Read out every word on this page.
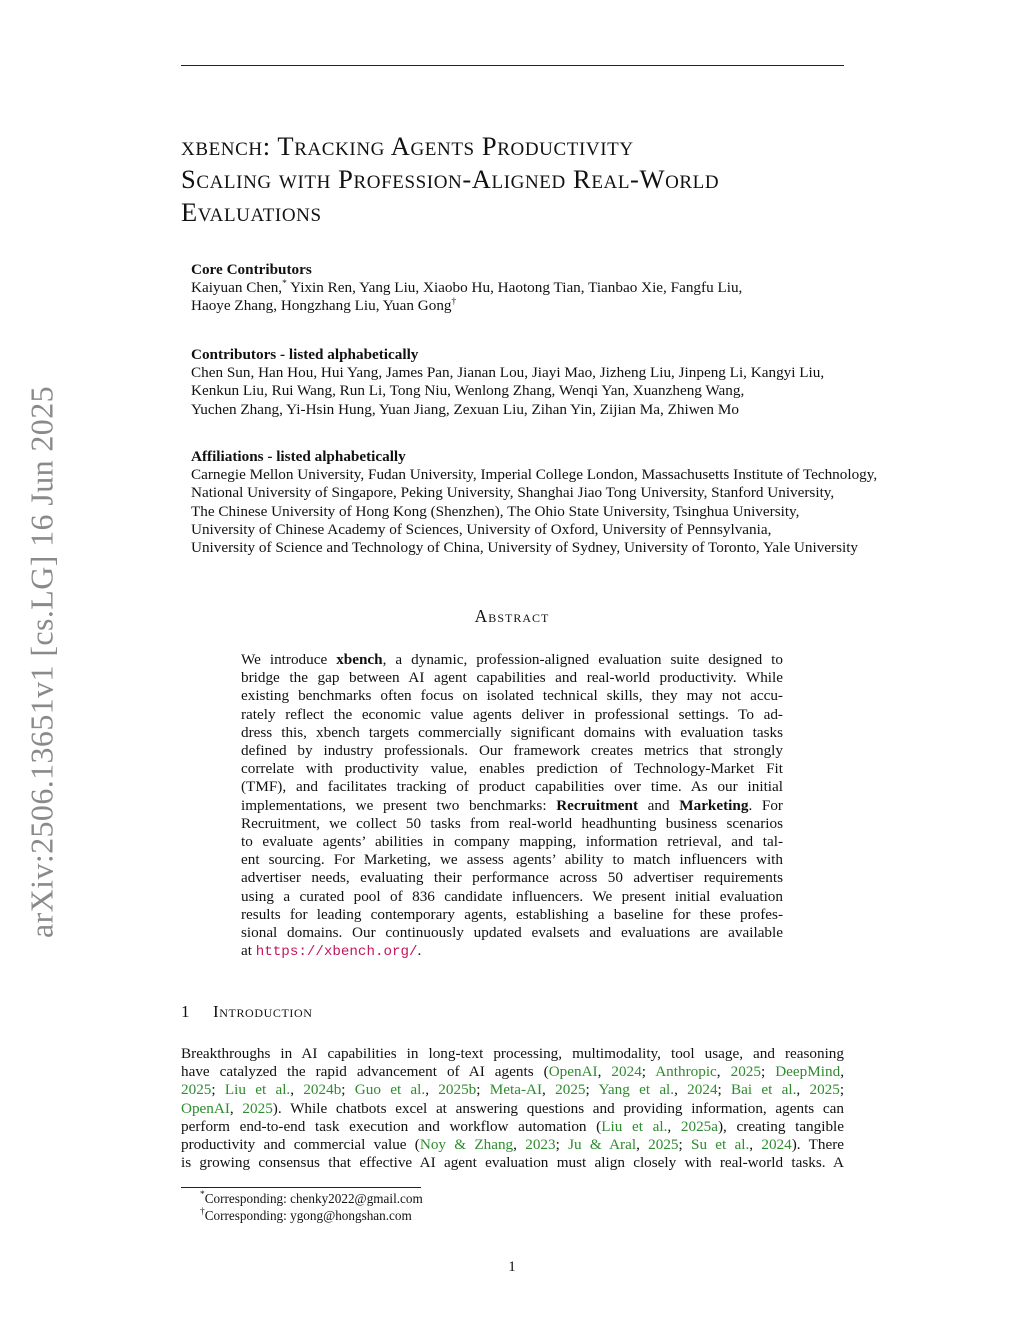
xbench: Tracking Agents Productivity
Scaling with Profession-Aligned Real-World
Evaluations
Core Contributors
Kaiyuan Chen,* Yixin Ren, Yang Liu, Xiaobo Hu, Haotong Tian, Tianbao Xie, Fangfu Liu,
Haoye Zhang, Hongzhang Liu, Yuan Gong†
Contributors - listed alphabetically
Chen Sun, Han Hou, Hui Yang, James Pan, Jianan Lou, Jiayi Mao, Jizheng Liu, Jinpeng Li, Kangyi Liu,
Kenkun Liu, Rui Wang, Run Li, Tong Niu, Wenlong Zhang, Wenqi Yan, Xuanzheng Wang,
Yuchen Zhang, Yi-Hsin Hung, Yuan Jiang, Zexuan Liu, Zihan Yin, Zijian Ma, Zhiwen Mo
Affiliations - listed alphabetically
Carnegie Mellon University, Fudan University, Imperial College London, Massachusetts Institute of Technology,
National University of Singapore, Peking University, Shanghai Jiao Tong University, Stanford University,
The Chinese University of Hong Kong (Shenzhen), The Ohio State University, Tsinghua University,
University of Chinese Academy of Sciences, University of Oxford, University of Pennsylvania,
University of Science and Technology of China, University of Sydney, University of Toronto, Yale University
Abstract
We introduce xbench, a dynamic, profession-aligned evaluation suite designed to
bridge the gap between AI agent capabilities and real-world productivity. While
existing benchmarks often focus on isolated technical skills, they may not accu-
rately reflect the economic value agents deliver in professional settings. To ad-
dress this, xbench targets commercially significant domains with evaluation tasks
defined by industry professionals. Our framework creates metrics that strongly
correlate with productivity value, enables prediction of Technology-Market Fit
(TMF), and facilitates tracking of product capabilities over time. As our initial
implementations, we present two benchmarks: Recruitment and Marketing. For
Recruitment, we collect 50 tasks from real-world headhunting business scenarios
to evaluate agents’ abilities in company mapping, information retrieval, and tal-
ent sourcing. For Marketing, we assess agents’ ability to match influencers with
advertiser needs, evaluating their performance across 50 advertiser requirements
using a curated pool of 836 candidate influencers. We present initial evaluation
results for leading contemporary agents, establishing a baseline for these profes-
sional domains. Our continuously updated evalsets and evaluations are available
at https://xbench.org/.
1 Introduction
Breakthroughs in AI capabilities in long-text processing, multimodality, tool usage, and reasoning
have catalyzed the rapid advancement of AI agents (OpenAI, 2024; Anthropic, 2025; DeepMind,
2025; Liu et al., 2024b; Guo et al., 2025b; Meta-AI, 2025; Yang et al., 2024; Bai et al., 2025;
OpenAI, 2025). While chatbots excel at answering questions and providing information, agents can
perform end-to-end task execution and workflow automation (Liu et al., 2025a), creating tangible
productivity and commercial value (Noy & Zhang, 2023; Ju & Aral, 2025; Su et al., 2024). There
is growing consensus that effective AI agent evaluation must align closely with real-world tasks. A
*Corresponding: chenky2022@gmail.com
†Corresponding: ygong@hongshan.com
1
arXiv:2506.13651v1 [cs.LG] 16 Jun 2025
